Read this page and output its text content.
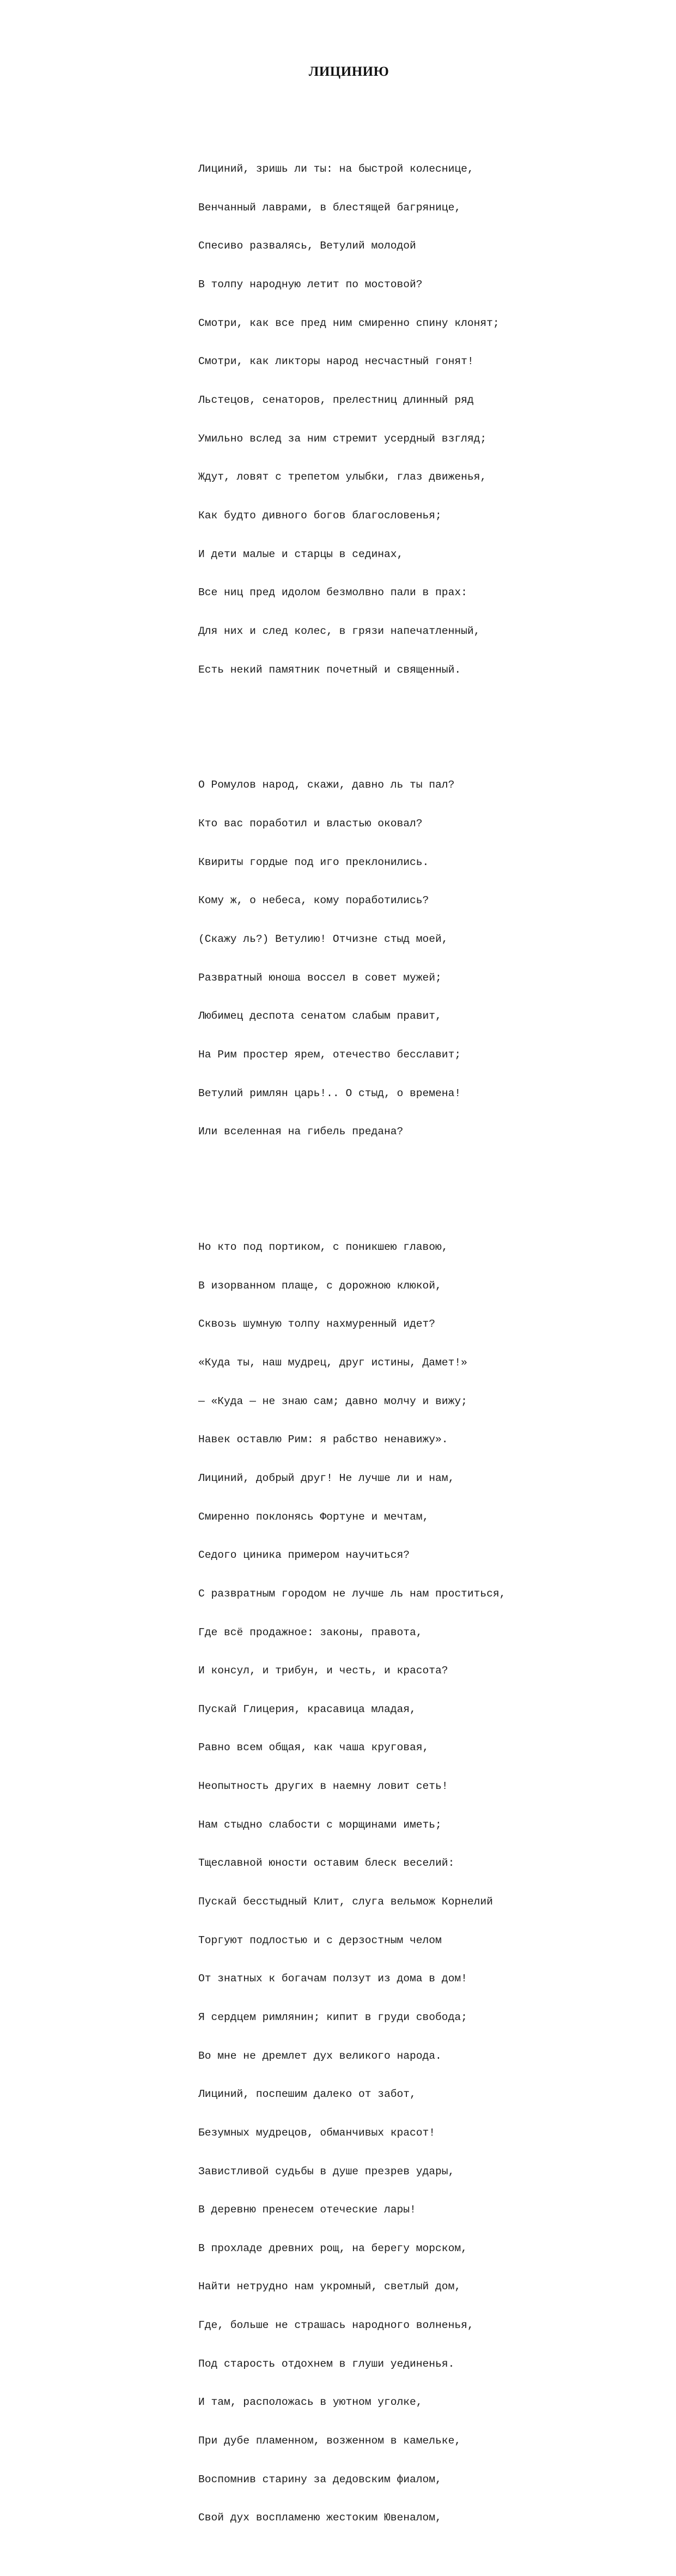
ЛИЦИНИЮ

Лициний, зришь ли ты: на быстрой колеснице,

Венчанный лаврами, в блестящей багрянице,

Спесиво развалясь, Ветулий молодой

В толпу народную летит по мостовой?

Смотри, как все пред ним смиренно спину клонят;

Смотри, как ликторы народ несчастный гонят!

Льстецов, сенаторов, прелестниц длинный ряд

Умильно вслед за ним стремит усердный взгляд;

Ждут, ловят с трепетом улыбки, глаз движенья,

Как будто дивного богов благословенья;

И дети малые и старцы в сединах,

Все ниц пред идолом безмолвно пали в прах:

Для них и след колес, в грязи напечатленный,

Есть некий памятник почетный и священный.

О Ромулов народ, скажи, давно ль ты пал?

Кто вас поработил и властью оковал?

Квириты гордые под иго преклонились.

Кому ж, о небеса, кому поработились?

(Скажу ль?) Ветулию! Отчизне стыд моей,

Развратный юноша воссел в совет мужей;

Любимец деспота сенатом слабым правит,

На Рим простер ярем, отечество бесславит;

Ветулий римлян царь!.. О стыд, о времена!

Или вселенная на гибель предана?

Но кто под портиком, с поникшею главою,

В изорванном плаще, с дорожною клюкой,

Сквозь шумную толпу нахмуренный идет?

«Куда ты, наш мудрец, друг истины, Дамет!»

— «Куда — не знаю сам; давно молчу и вижу;

Навек оставлю Рим: я рабство ненавижу».

Лициний, добрый друг! Не лучше ли и нам,

Смиренно поклонясь Фортуне и мечтам,

Седого циника примером научиться?

С развратным городом не лучше ль нам проститься,

Где всё продажное: законы, правота,

И консул, и трибун, и честь, и красота?

Пускай Глицерия, красавица младая,

Равно всем общая, как чаша круговая,

Неопытность других в наемну ловит сеть!

Нам стыдно слабости с морщинами иметь;

Тщеславной юности оставим блеск веселий:

Пускай бесстыдный Клит, слуга вельмож Корнелий

Торгуют подлостью и с дерзостным челом

От знатных к богачам ползут из дома в дом!

Я сердцем римлянин; кипит в груди свобода;

Во мне не дремлет дух великого народа.

Лициний, поспешим далеко от забот,

Безумных мудрецов, обманчивых красот!

Завистливой судьбы в душе презрев удары,

В деревню пренесем отеческие лары!

В прохладе древних рощ, на берегу морском,

Найти нетрудно нам укромный, светлый дом,

Где, больше не страшась народного волненья,

Под старость отдохнем в глуши уединенья.

И там, расположась в уютном уголке,

При дубе пламенном, возженном в камельке,

Воспомнив старину за дедовским фиалом,

Свой дух воспламеню жестоким Ювеналом,
